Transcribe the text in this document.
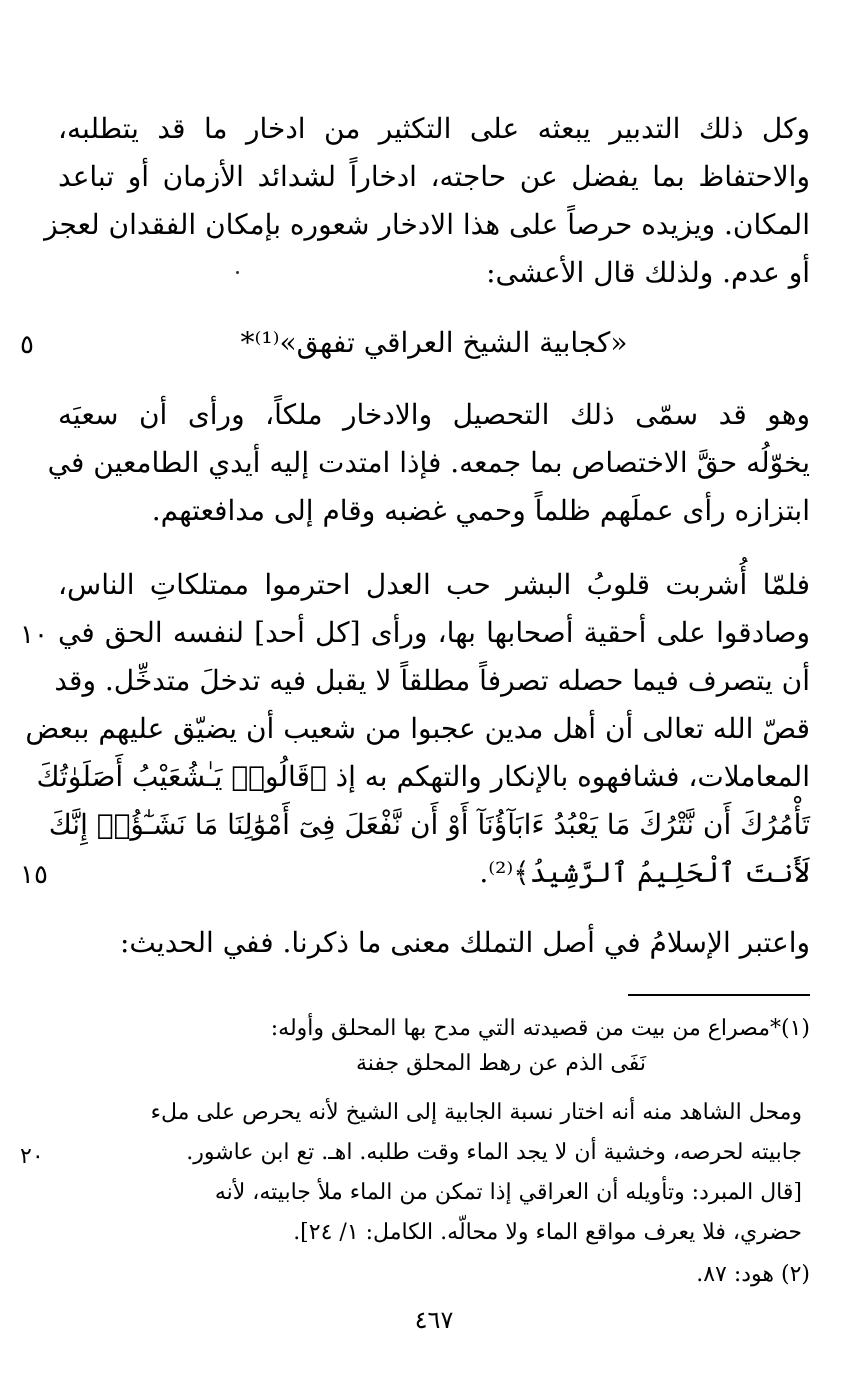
وكل ذلك التدبير يبعثه على التكثير من ادخار ما قد يتطلبه،
والاحتفاظ بما يفضل عن حاجته، ادخاراً لشدائد الأزمان أو تباعد
المكان. ويزيده حرصاً على هذا الادخار شعوره بإمكان الفقدان لعجز
أو عدم. ولذلك قال الأعشى:
«كجابية الشيخ العراقي تفهق»⁽¹⁾*
٥
وهو قد سمّى ذلك التحصيل والادخار ملكاً، ورأى أن سعيَه
يخوّلُه حقَّ الاختصاص بما جمعه. فإذا امتدت إليه أيدي الطامعين في
ابتزازه رأى عملَهم ظلماً وحمي غضبه وقام إلى مدافعتهم.
فلمّا أُشربت قلوبُ البشر حب العدل احترموا ممتلكاتِ الناس،
وصادقوا على أحقية أصحابها بها، ورأى [كل أحد] لنفسه الحق في
أن يتصرف فيما حصله تصرفاً مطلقاً لا يقبل فيه تدخلَ متدخِّل. وقد
قصّ الله تعالى أن أهل مدين عجبوا من شعيب أن يضيّق عليهم ببعض
المعاملات، فشافهوه بالإنكار والتهكم به إذ ﴿قَالُوا۟ يَـٰشُعَيْبُ أَصَلَوٰتُكَ
تَأْمُرُكَ أَن نَّتْرُكَ مَا يَعْبُدُ ءَابَآؤُنَآ أَوْ أَن نَّفْعَلَ فِىٓ أَمْوَٰلِنَا مَا نَشَـٰٓؤُا۟ إِنَّكَ
لَأَنتَ ٱلْحَلِيمُ ٱلرَّشِيدُ﴾⁽²⁾.
١٠
١٥
واعتبر الإسلامُ في أصل التملك معنى ما ذكرنا. ففي الحديث:
(١)*مصراع من بيت من قصيدته التي مدح بها المحلق وأوله:
نَفَى الذم عن رهط المحلق جفنة
ومحل الشاهد منه أنه اختار نسبة الجابية إلى الشيخ لأنه يحرص على ملء
جابيته لحرصه، وخشية أن لا يجد الماء وقت طلبه. اهـ. تع ابن عاشور.
[قال المبرد: وتأويله أن العراقي إذا تمكن من الماء ملأ جابيته، لأنه
حضري، فلا يعرف مواقع الماء ولا محالّه. الكامل: ١/ ٢٤].
(٢) هود: ٨٧.
٢٠
٤٦٧
